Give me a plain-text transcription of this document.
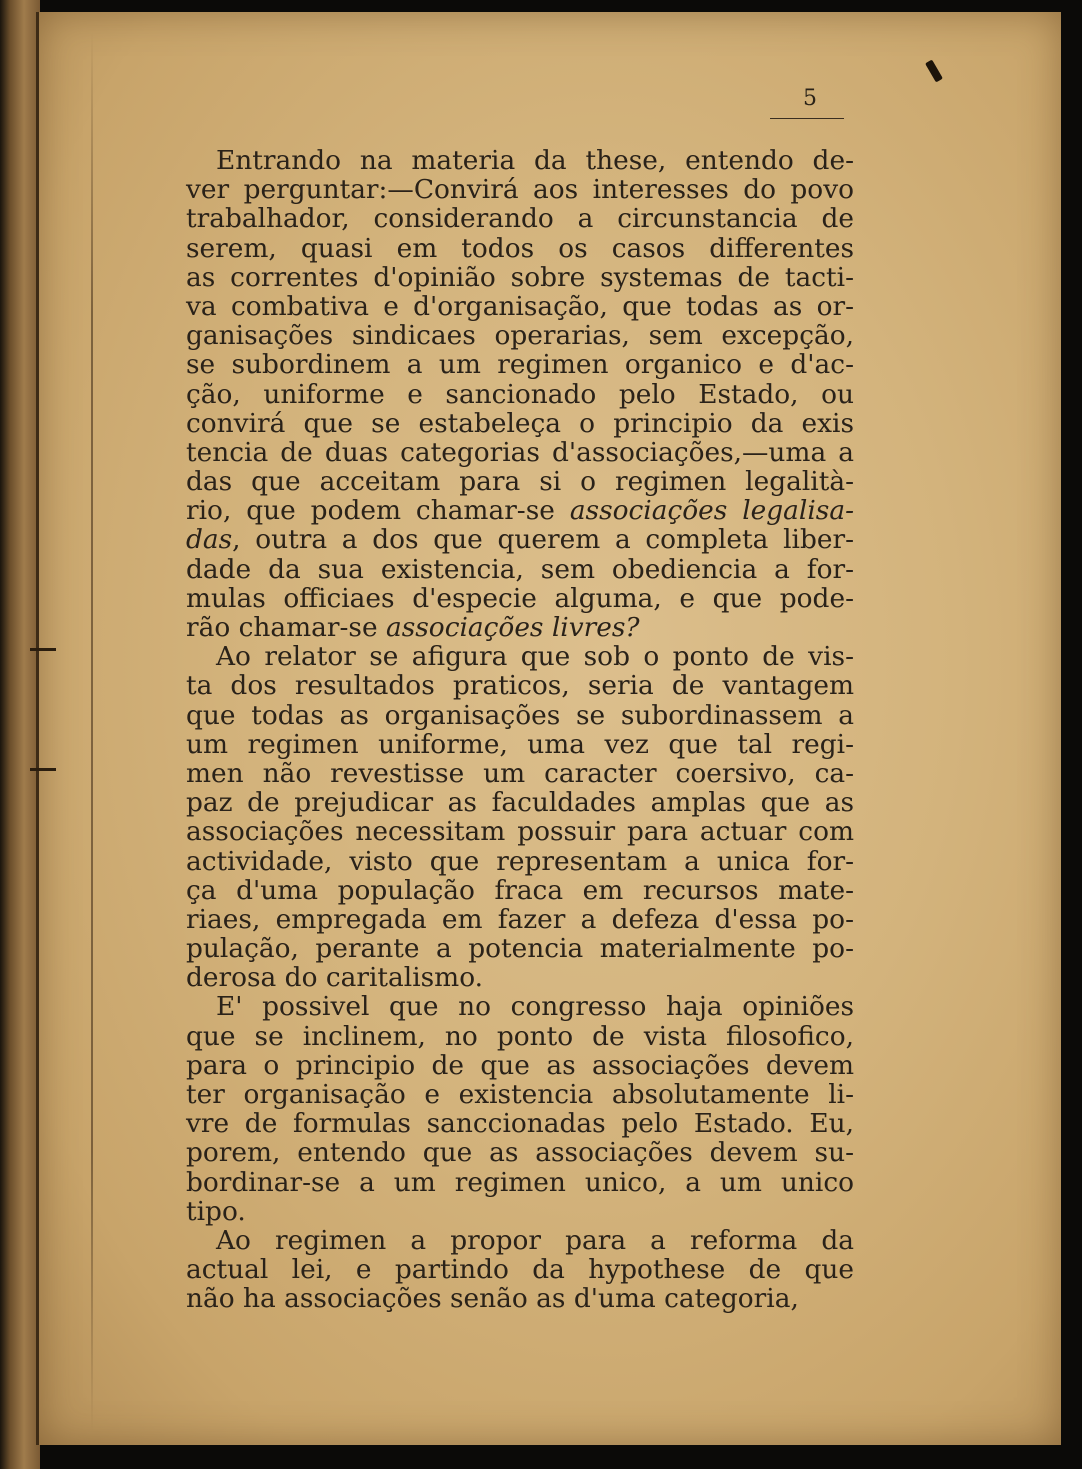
5
Entrando na materia da these, entendo de-
ver perguntar:—Convirá aos interesses do povo
trabalhador, considerando a circunstancia de
serem, quasi em todos os casos differentes
as correntes d'opinião sobre systemas de tacti-
va combativa e d'organisação, que todas as or-
ganisações sindicaes operarias, sem excepção,
se subordinem a um regimen organico e d'ac-
ção, uniforme e sancionado pelo Estado, ou
convirá que se estabeleça o principio da exis
tencia de duas categorias d'associações,—uma a
das que acceitam para si o regimen legalità-
rio, que podem chamar-se associações legalisa-
das, outra a dos que querem a completa liber-
dade da sua existencia, sem obediencia a for-
mulas officiaes d'especie alguma, e que pode-
rão chamar-se associações livres?
Ao relator se afigura que sob o ponto de vis-
ta dos resultados praticos, seria de vantagem
que todas as organisações se subordinassem a
um regimen uniforme, uma vez que tal regi-
men não revestisse um caracter coersivo, ca-
paz de prejudicar as faculdades amplas que as
associações necessitam possuir para actuar com
actividade, visto que representam a unica for-
ça d'uma população fraca em recursos mate-
riaes, empregada em fazer a defeza d'essa po-
pulação, perante a potencia materialmente po-
derosa do caritalismo.
E' possivel que no congresso haja opiniões
que se inclinem, no ponto de vista filosofico,
para o principio de que as associações devem
ter organisação e existencia absolutamente li-
vre de formulas sanccionadas pelo Estado. Eu,
porem, entendo que as associações devem su-
bordinar-se a um regimen unico, a um unico
tipo.
Ao regimen a propor para a reforma da
actual lei, e partindo da hypothese de que
não ha associações senão as d'uma categoria,
